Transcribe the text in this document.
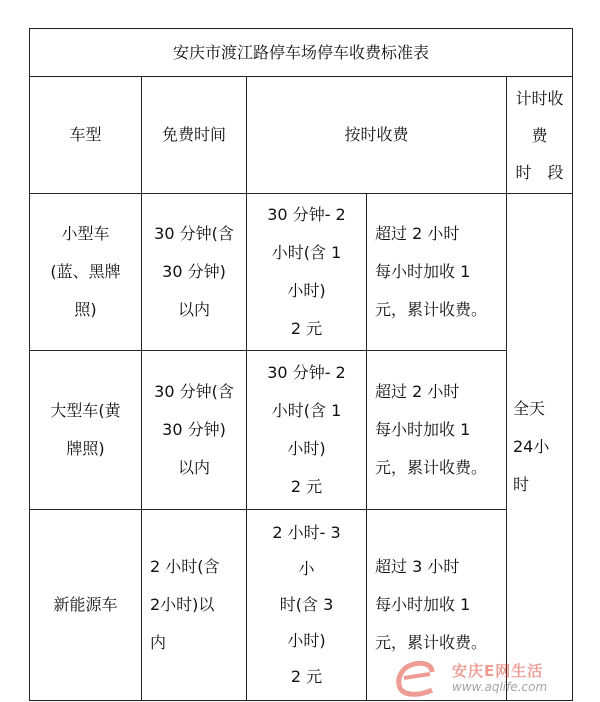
安庆市渡江路停车场停车收费标准表
车型	免费时间	按时收费
计时收
费
时　段
小型车
(蓝、黑牌
照)
30 分钟(含
30 分钟)
以内
30 分钟- 2
小时(含 1
小时)
2 元
超过 2 小时
每小时加收 1
元，累计收费。
大型车(黄
牌照)
30 分钟(含
30 分钟)
以内
30 分钟- 2
小时(含 1
小时)
2 元
超过 2 小时
每小时加收 1
元，累计收费。
新能源车
2 小时(含
2小时)以
内
2 小时- 3
小
时(含 3
小时)
2 元
超过 3 小时
每小时加收 1
元，累计收费。
全天
24小
时
安庆E网生活
www.aqlife.com
